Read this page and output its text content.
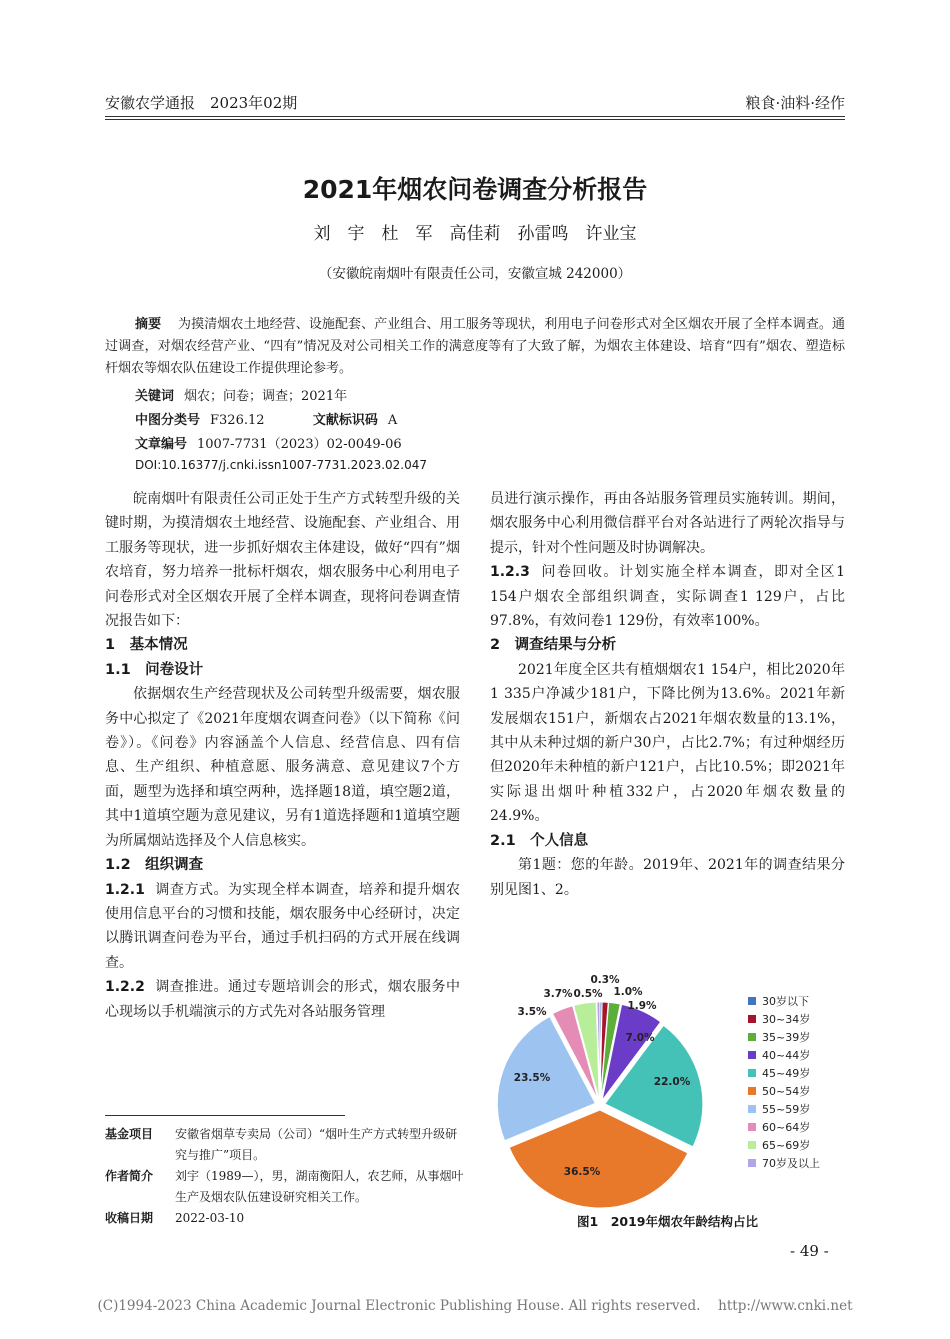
安徽农学通报　2023年02期	粮食·油料·经作
2021年烟农问卷调查分析报告
刘　宇　杜　军　高佳莉　孙雷鸣　许业宝
（安徽皖南烟叶有限责任公司，安徽宣城 242000）
摘要 为摸清烟农土地经营、设施配套、产业组合、用工服务等现状，利用电子问卷形式对全区烟农开展了全样本调查。通过调查，对烟农经营产业、“四有”情况及对公司相关工作的满意度等有了大致了解，为烟农主体建设、培育“四有”烟农、塑造标杆烟农等烟农队伍建设工作提供理论参考。
关键词 烟农；问卷；调查；2021年
中图分类号 F326.12	文献标识码 A
文章编号 1007-7731（2023）02-0049-06
DOI:10.16377/j.cnki.issn1007-7731.2023.02.047

皖南烟叶有限责任公司正处于生产方式转型升级的关键时期，为摸清烟农土地经营、设施配套、产业组合、用工服务等现状，进一步抓好烟农主体建设，做好“四有”烟农培育，努力培养一批标杆烟农，烟农服务中心利用电子问卷形式对全区烟农开展了全样本调查，现将问卷调查情况报告如下：

1　基本情况
1.1　问卷设计

依据烟农生产经营现状及公司转型升级需要，烟农服务中心拟定了《2021年度烟农调查问卷》（以下简称《问卷》）。《问卷》内容涵盖个人信息、经营信息、四有信息、生产组织、种植意愿、服务满意、意见建议7个方面，题型为选择和填空两种，选择题18道，填空题2道，其中1道填空题为意见建议，另有1道选择题和1道填空题为所属烟站选择及个人信息核实。

1.2　组织调查

1.2.1 调查方式。为实现全样本调查，培养和提升烟农使用信息平台的习惯和技能，烟农服务中心经研讨，决定以腾讯调查问卷为平台，通过手机扫码的方式开展在线调查。

1.2.2 调查推进。通过专题培训会的形式，烟农服务中心现场以手机端演示的方式先对各站服务管理

基金项目	安徽省烟草专卖局（公司）“烟叶生产方式转型升级研究与推广”项目。
作者简介	刘宇（1989—），男，湖南衡阳人，农艺师，从事烟叶生产及烟农队伍建设研究相关工作。
收稿日期	2022-03-10

员进行演示操作，再由各站服务管理员实施转训。期间，烟农服务中心利用微信群平台对各站进行了两轮次指导与提示，针对个性问题及时协调解决。

1.2.3 问卷回收。计划实施全样本调查，即对全区1 154户烟农全部组织调查，实际调查1 129户，占比97.8%，有效问卷1 129份，有效率100%。

2　调查结果与分析

2021年度全区共有植烟烟农1 154户，相比2020年1 335户净减少181户，下降比例为13.6%。2021年新发展烟农151户，新烟农占2021年烟农数量的13.1%，其中从未种过烟的新户30户，占比2.7%；有过种烟经历但2020年未种植的新户121户，占比10.5%；即2021年实际退出烟叶种植332户，占2020年烟农数量的24.9%。

2.1　个人信息

第1题：您的年龄。2019年、2021年的调查结果分别见图1、2。

0.3%
1.0%
1.9%
7.0%
22.0%
36.5%
23.5%
3.5%
3.7% 0.5%
30岁以下
30~34岁
35~39岁
40~44岁
45~49岁
50~54岁
55~59岁
60~64岁
65~69岁
70岁及以上
图1　2019年烟农年龄结构占比
- 49 -
(C)1994-2023 China Academic Journal Electronic Publishing House. All rights reserved.　 http://www.cnki.net
